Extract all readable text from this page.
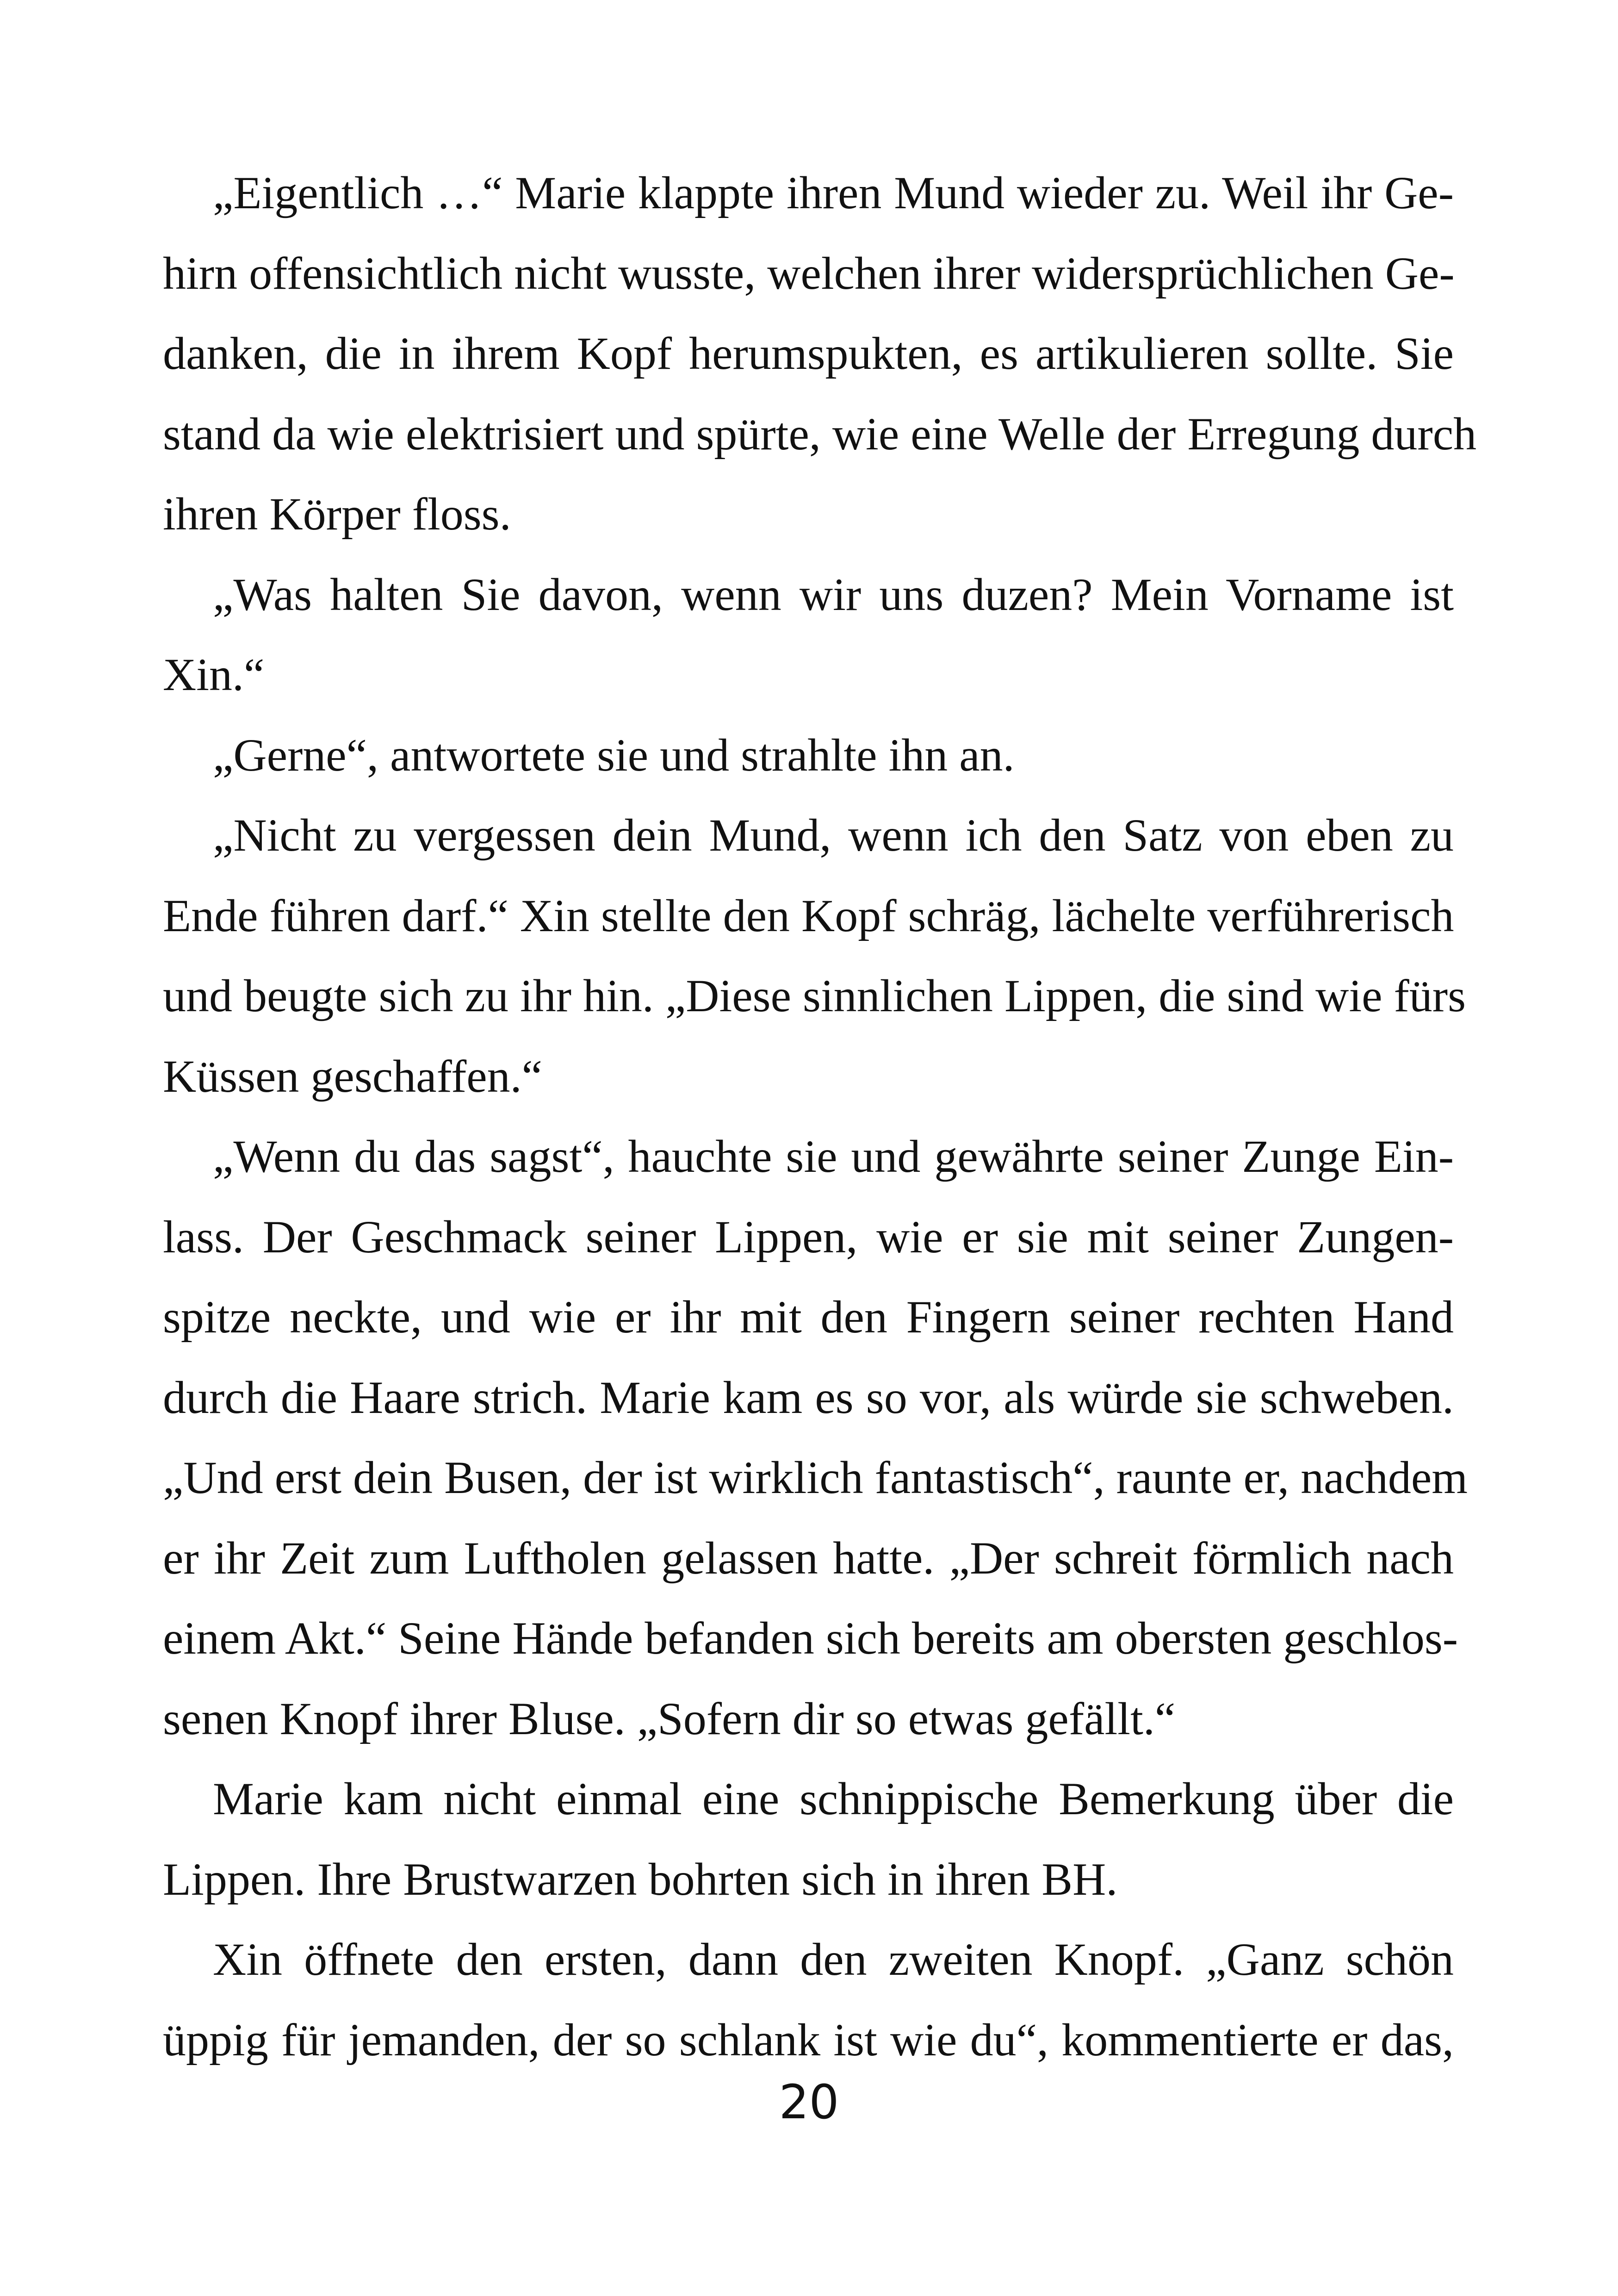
„Eigentlich …“ Marie klappte ihren Mund wieder zu. Weil ihr Ge-
hirn offensichtlich nicht wusste, welchen ihrer widersprüchlichen Ge-
danken, die in ihrem Kopf herumspukten, es artikulieren sollte. Sie
stand da wie elektrisiert und spürte, wie eine Welle der Erregung durch
ihren Körper floss.
„Was halten Sie davon, wenn wir uns duzen? Mein Vorname ist
Xin.“
„Gerne“, antwortete sie und strahlte ihn an.
„Nicht zu vergessen dein Mund, wenn ich den Satz von eben zu
Ende führen darf.“ Xin stellte den Kopf schräg, lächelte verführerisch
und beugte sich zu ihr hin. „Diese sinnlichen Lippen, die sind wie fürs
Küssen geschaffen.“
„Wenn du das sagst“, hauchte sie und gewährte seiner Zunge Ein-
lass. Der Geschmack seiner Lippen, wie er sie mit seiner Zungen-
spitze neckte, und wie er ihr mit den Fingern seiner rechten Hand
durch die Haare strich. Marie kam es so vor, als würde sie schweben.
„Und erst dein Busen, der ist wirklich fantastisch“, raunte er, nachdem
er ihr Zeit zum Luftholen gelassen hatte. „Der schreit förmlich nach
einem Akt.“ Seine Hände befanden sich bereits am obersten geschlos-
senen Knopf ihrer Bluse. „Sofern dir so etwas gefällt.“
Marie kam nicht einmal eine schnippische Bemerkung über die
Lippen. Ihre Brustwarzen bohrten sich in ihren BH.
Xin öffnete den ersten, dann den zweiten Knopf. „Ganz schön
üppig für jemanden, der so schlank ist wie du“, kommentierte er das,
20
